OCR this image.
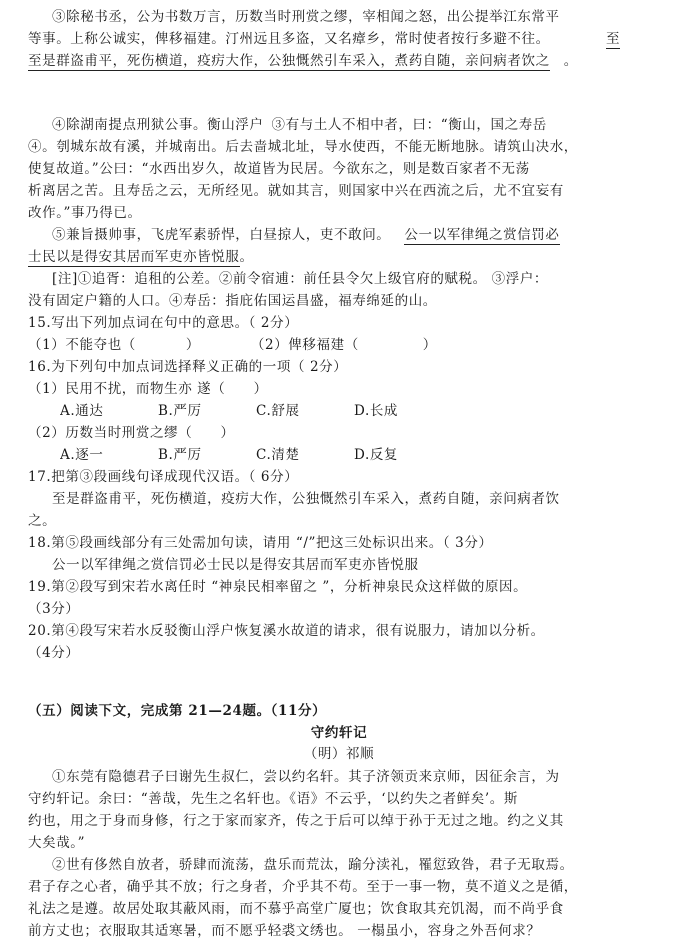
③除秘书丞，公为书数万言，历数当时刑赏之缪，宰相闻之怒，出公提举江东常平
等事。上称公诚实，俾移福建。汀州远且多盗，又名瘴乡，常时使者按行多避不往。	至
至是群盗甫平，死伤横道，疫疠大作，公独慨然引车采入，煮药自随，亲问病者饮之 。
④除湖南提点刑狱公事。衡山浮户 ③有与土人不相中者，曰：“衡山，国之寿岳
④。刳城东故有溪，并城南出。后去啬城北址，导水使西，不能无断地脉。请筑山决水，
使复故道。”公曰：“水西出岁久，故道皆为民居。今欲东之，则是数百家者不无荡
析离居之苦。且寿岳之云，无所经见。就如其言，则国家中兴在西流之后，尤不宜妄有
改作。”事乃得已。
⑤兼旨摄帅事，飞虎军素骄悍，白昼掠人，吏不敢问。 公一以军律绳之赏信罚必
士民以是得安其居而军吏亦皆悦服。
[注]①追胥：追租的公差。②前令宿逋：前任县令欠上级官府的赋税。 ③浮户：
没有固定户籍的人口。④寿岳：指庇佑国运昌盛，福寿绵延的山。
15.写出下列加点词在句中的意思。（ 2分）
（1）不能夺也（	）	（2）俾移福建（	）
16.为下列句中加点词选择释义正确的一项（ 2分）
（1）民用不扰，而物生亦 遂（　　）
A.通达	B.严厉	C.舒展	D.长成
（2）历数当时刑赏之缪（　　）
A.逐一	B.严厉	C.清楚	D.反复
17.把第③段画线句译成现代汉语。（ 6分）
至是群盗甫平，死伤横道，疫疠大作，公独慨然引车采入，煮药自随，亲问病者饮
之。
18.第⑤段画线部分有三处需加句读，请用 “/”把这三处标识出来。（ 3分）
公一以军律绳之赏信罚必士民以是得安其居而军吏亦皆悦服
19.第②段写到宋若水离任时 “神泉民相率留之 ”，分析神泉民众这样做的原因。
（3分）
20.第④段写宋若水反驳衡山浮户恢复溪水故道的请求，很有说服力，请加以分析。
（4分）
（五）阅读下文，完成第 21—24题。（11分）
守约轩记
（明）祁顺
①东莞有隐德君子曰谢先生叔仁，尝以约名轩。其子济领贡来京师，因征余言，为
守约轩记。余曰：“善哉，先生之名轩也。《语》不云乎，‘以约失之者鲜矣’。斯
约也，用之于身而身修，行之于家而家齐，传之于后可以绰于孙于无过之地。约之义其
大矣哉。”
②世有侈然自放者，骄肆而流荡，盘乐而荒汰，踰分渎礼，罹愆致咎，君子无取焉。
君子存之心者，确乎其不放；行之身者，介乎其不苟。至于一事一物，莫不道义之是循，
礼法之是遵。故居处取其蔽风雨，而不慕乎高堂广厦也；饮食取其充饥渴，而不尚乎食
前方丈也；衣服取其适寒暑，而不愿乎轻裘文绣也。 一榻虽小，容身之外吾何求？
